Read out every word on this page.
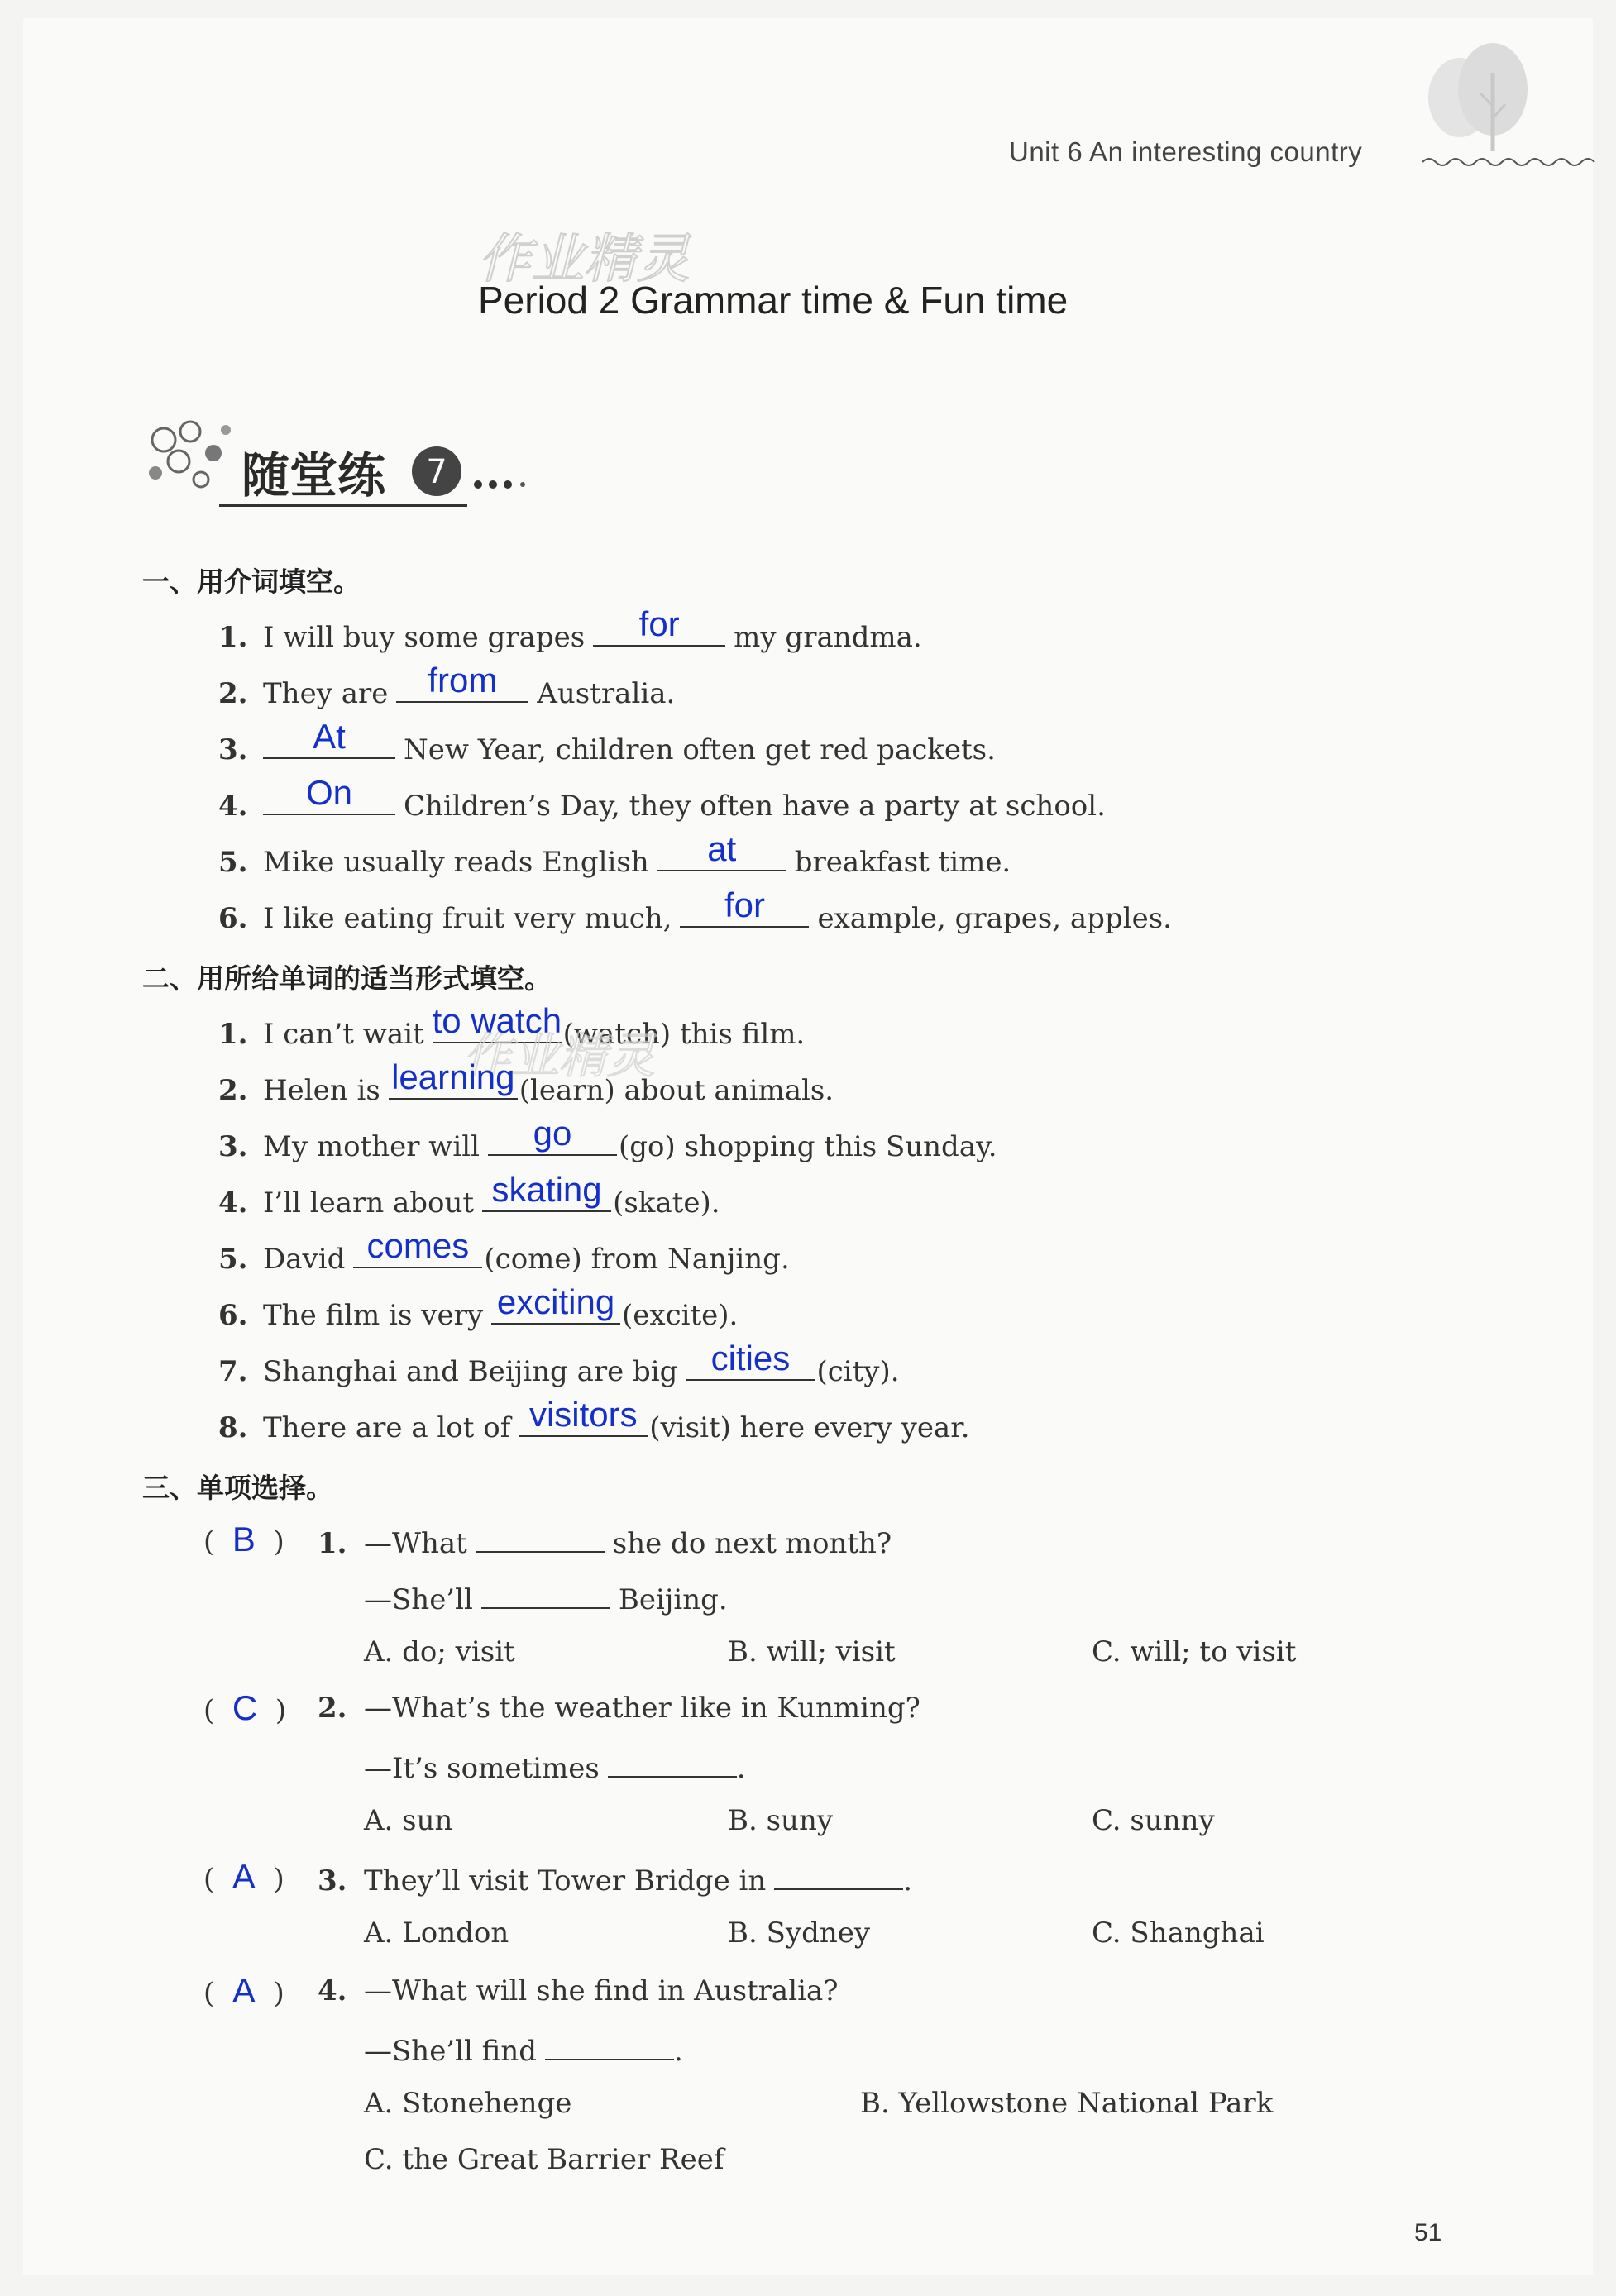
Unit 6 An interesting country
作业精灵
Period 2 Grammar time & Fun time
随堂练 7
一、用介词填空。
1. I will buy some grapes	for	my grandma.
2. They are	from	Australia.
3.	At	New Year, children often get red packets.
4.	On	Children’s Day, they often have a party at school.
5. Mike usually reads English	at	breakfast time.
6. I like eating fruit very much,	for	example, grapes, apples.
二、用所给单词的适当形式填空。
1. I can’t wait to watch (watch) this film.
作业精灵
2. Helen is learning (learn) about animals.
3. My mother will	go	(go) shopping this Sunday.
4. I’ll learn about skating (skate).
5. David comes (come) from Nanjing.
6. The film is very exciting (excite).
7. Shanghai and Beijing are big cities (city).
8. There are a lot of visitors (visit) here every year.
三、单项选择。
(  B  ) 1. —What	she do next month?
—She’ll	Beijing.
A. do; visit	B. will; visit	C. will; to visit
(  C  ) 2. —What’s the weather like in Kunming?
—It’s sometimes	.
A. sun	B. suny	C. sunny
(  A  ) 3. They’ll visit Tower Bridge in	.
A. London	B. Sydney	C. Shanghai
(  A  ) 4. —What will she find in Australia?
—She’ll find	.
A. Stonehenge	B. Yellowstone National Park
C. the Great Barrier Reef
51
